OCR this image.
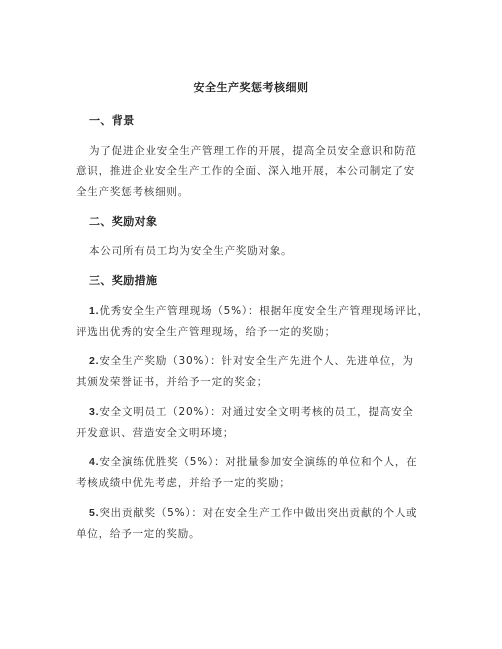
安全生产奖惩考核细则
一、背景
为了促进企业安全生产管理工作的开展，提高全员安全意识和防范
意识，推进企业安全生产工作的全面、深入地开展，本公司制定了安
全生产奖惩考核细则。
二、奖励对象
本公司所有员工均为安全生产奖励对象。
三、奖励措施
1.优秀安全生产管理现场（5%）：根据年度安全生产管理现场评比，
评选出优秀的安全生产管理现场，给予一定的奖励；
2.安全生产奖励（30%）：针对安全生产先进个人、先进单位，为
其颁发荣誉证书，并给予一定的奖金；
3.安全文明员工（20%）：对通过安全文明考核的员工，提高安全
开发意识、营造安全文明环境；
4.安全演练优胜奖（5%）：对批量参加安全演练的单位和个人，在
考核成绩中优先考虑，并给予一定的奖励；
5.突出贡献奖（5%）：对在安全生产工作中做出突出贡献的个人或
单位，给予一定的奖励。
